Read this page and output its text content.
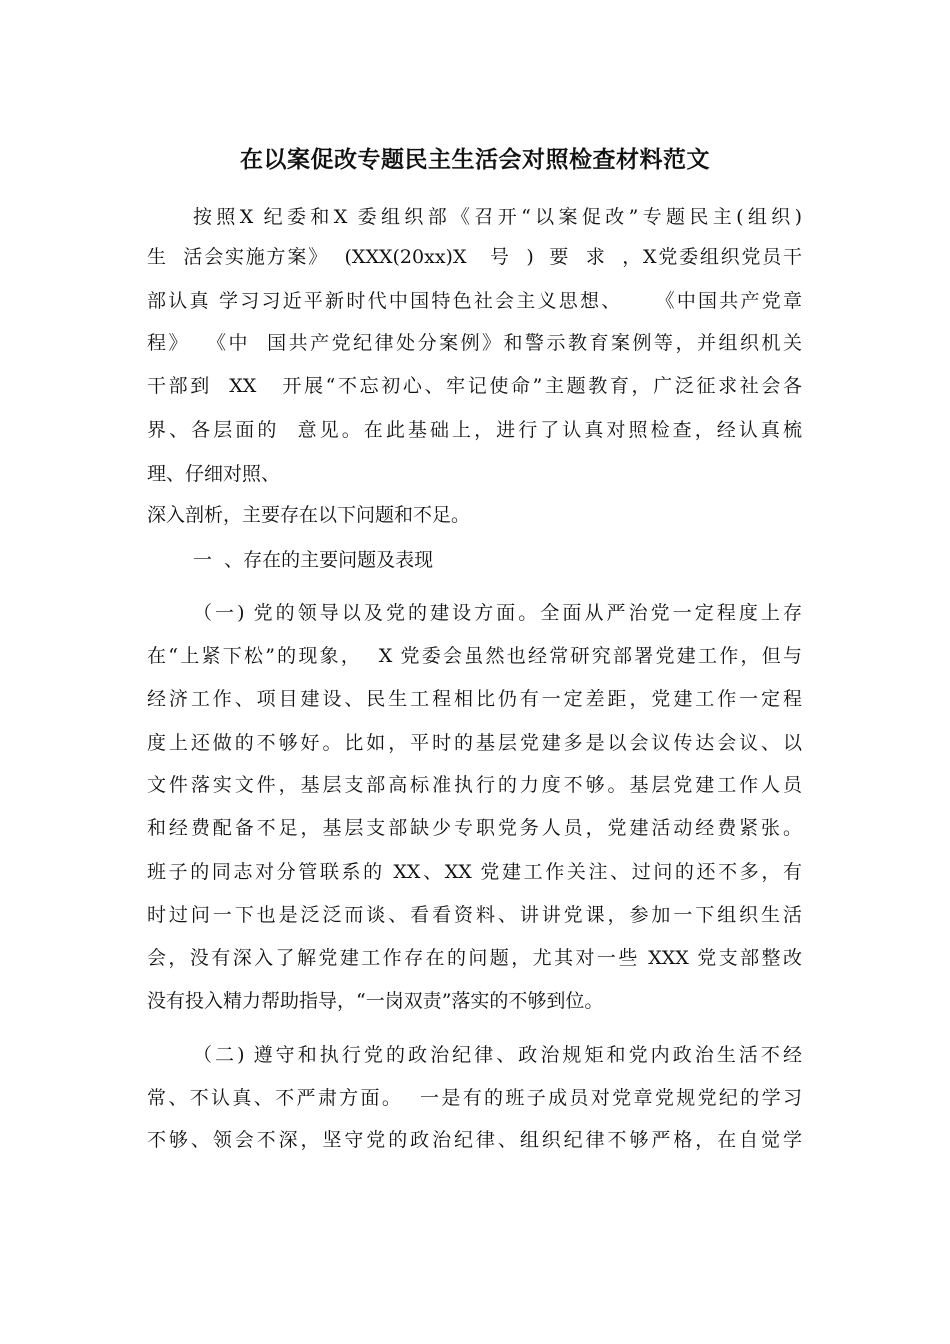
在以案促改专题民主生活会对照检查材料范文

按照X 纪委和X 委组织部《召开“以案促改”专题民主(组织)

生  活会实施方案》  (XXX(20xx)X   号  )  要  求  ，X党委组织党员干

部认真 学习习近平新时代中国特色社会主义思想、    《中国共产党章

程》  《中  国共产党纪律处分案例》和警示教育案例等，并组织机关

干部到  XX   开展“不忘初心、牢记使命”主题教育，广泛征求社会各

界、各层面的  意见。在此基础上，进行了认真对照检查，经认真梳

理、仔细对照、

深入剖析，主要存在以下问题和不足。

一  、存在的主要问题及表现

（一) 党的领导以及党的建设方面。全面从严治党一定程度上存

在“上紧下松”的现象，  X 党委会虽然也经常研究部署党建工作，但与

经济工作、项目建设、民生工程相比仍有一定差距，党建工作一定程

度上还做的不够好。比如，平时的基层党建多是以会议传达会议、以

文件落实文件，基层支部高标准执行的力度不够。基层党建工作人员

和经费配备不足，基层支部缺少专职党务人员，党建活动经费紧张。

班子的同志对分管联系的 XX、XX 党建工作关注、过问的还不多，有

时过问一下也是泛泛而谈、看看资料、讲讲党课，参加一下组织生活

会，没有深入了解党建工作存在的问题，尤其对一些 XXX 党支部整改

没有投入精力帮助指导，“一岗双责”落实的不够到位。

（二) 遵守和执行党的政治纪律、政治规矩和党内政治生活不经

常、不认真、不严肃方面。  一是有的班子成员对党章党规党纪的学习

不够、领会不深，坚守党的政治纪律、组织纪律不够严格，在自觉学
